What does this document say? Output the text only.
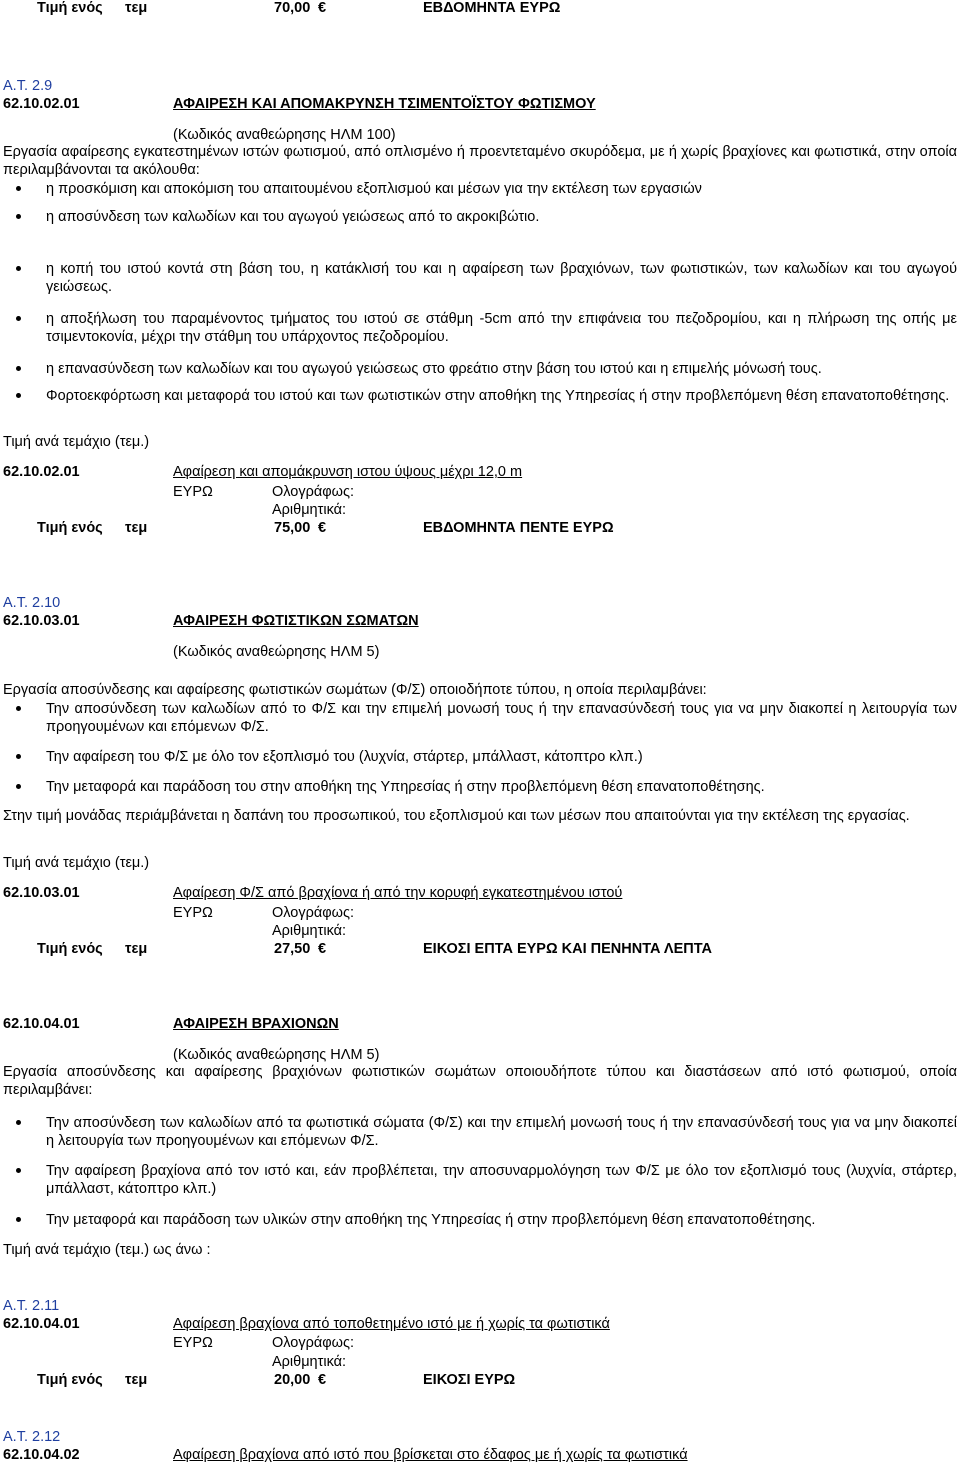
Τιμή ενός τεμ	70,00 €	ΕΒΔΟΜΗΝΤΑ ΕΥΡΩ
Α.Τ. 2.9
62.10.02.01	ΑΦΑΙΡΕΣΗ ΚΑΙ ΑΠΟΜΑΚΡΥΝΣΗ ΤΣΙΜΕΝΤΟΪΣΤΟΥ ΦΩΤΙΣΜΟΥ
(Κωδικός αναθεώρησης ΗΛΜ 100)
Εργασία αφαίρεσης εγκατεστημένων ιστών φωτισμού, από οπλισμένο ή προεντεταμένο σκυρόδεμα, με ή χωρίς βραχίονες και φωτιστικά, στην οποία περιλαμβάνονται τα ακόλουθα:
η προσκόμιση και αποκόμιση του απαιτουμένου εξοπλισμού και μέσων για την εκτέλεση των εργασιών
η αποσύνδεση των καλωδίων και του αγωγού γειώσεως από το ακροκιβώτιο.
η κοπή του ιστού κοντά στη βάση του, η κατάκλισή του και η αφαίρεση των βραχιόνων, των φωτιστικών, των καλωδίων και του αγωγού γειώσεως.
η αποξήλωση του παραμένοντος τμήματος του ιστού σε στάθμη -5cm από την επιφάνεια του πεζοδρομίου, και η πλήρωση της οπής με τσιμεντοκονία, μέχρι την στάθμη του υπάρχοντος πεζοδρομίου.
η επανασύνδεση των καλωδίων και του αγωγού γειώσεως στο φρεάτιο στην βάση του ιστού και η επιμελής μόνωσή τους.
Φορτοεκφόρτωση και μεταφορά του ιστού και των φωτιστικών στην αποθήκη της Υπηρεσίας ή στην προβλεπόμενη θέση επανατοποθέτησης.
Τιμή ανά τεμάχιο (τεμ.)
62.10.02.01	Αφαίρεση και απομάκρυνση ιστου ύψους μέχρι 12,0 m
ΕΥΡΩ	Ολογράφως:
Αριθμητικά:
Τιμή ενός τεμ	75,00 €	ΕΒΔΟΜΗΝΤΑ ΠΕΝΤΕ ΕΥΡΩ
Α.Τ. 2.10
62.10.03.01	ΑΦΑΙΡΕΣΗ ΦΩΤΙΣΤΙΚΩΝ ΣΩΜΑΤΩΝ
(Κωδικός αναθεώρησης ΗΛΜ 5)
Εργασία αποσύνδεσης και αφαίρεσης φωτιστικών σωμάτων (Φ/Σ) οποιοδήποτε τύπου, η οποία περιλαμβάνει:
Την αποσύνδεση των καλωδίων από το Φ/Σ και την επιμελή μονωσή τους ή την επανασύνδεσή τους για να μην διακοπεί η λειτουργία των προηγουμένων και επόμενων Φ/Σ.
Την αφαίρεση του Φ/Σ με όλο τον εξοπλισμό του (λυχνία, στάρτερ, μπάλλαστ, κάτοπτρο κλπ.)
Την μεταφορά και παράδοση του στην αποθήκη της Υπηρεσίας ή στην προβλεπόμενη θέση επανατοποθέτησης.
Στην τιμή μονάδας περιάμβάνεται η δαπάνη του προσωπικού, του εξοπλισμού και των μέσων που απαιτούνται για την εκτέλεση της εργασίας.
Τιμή ανά τεμάχιο (τεμ.)
62.10.03.01	Αφαίρεση Φ/Σ από βραχίονα ή από την κορυφή εγκατεστημένου ιστού
ΕΥΡΩ	Ολογράφως:
Αριθμητικά:
Τιμή ενός τεμ	27,50 €	ΕΙΚΟΣΙ ΕΠΤΑ ΕΥΡΩ ΚΑΙ ΠΕΝΗΝΤΑ ΛΕΠΤΑ
62.10.04.01	ΑΦΑΙΡΕΣΗ ΒΡΑΧΙΟΝΩΝ
(Κωδικός αναθεώρησης ΗΛΜ 5)
Εργασία αποσύνδεσης και αφαίρεσης βραχιόνων φωτιστικών σωμάτων οποιουδήποτε τύπου και διαστάσεων από ιστό φωτισμού, οποία περιλαμβάνει:
Την αποσύνδεση των καλωδίων από τα φωτιστικά σώματα (Φ/Σ) και την επιμελή μονωσή τους ή την επανασύνδεσή τους για να μην διακοπεί η λειτουργία των προηγουμένων και επόμενων Φ/Σ.
Την αφαίρεση βραχίονα από τον ιστό και, εάν προβλέπεται, την αποσυναρμολόγηση των Φ/Σ με όλο τον εξοπλισμό τους (λυχνία, στάρτερ, μπάλλαστ, κάτοπτρο κλπ.)
Την μεταφορά και παράδοση των υλικών στην αποθήκη της Υπηρεσίας ή στην προβλεπόμενη θέση επανατοποθέτησης.
Τιμή ανά τεμάχιο (τεμ.) ως άνω :
Α.Τ. 2.11
62.10.04.01	Αφαίρεση βραχίονα από τοποθετημένο ιστό με ή χωρίς τα φωτιστικά
ΕΥΡΩ	Ολογράφως:
Αριθμητικά:
Τιμή ενός τεμ	20,00 €	ΕΙΚΟΣΙ ΕΥΡΩ
Α.Τ. 2.12
62.10.04.02	Αφαίρεση βραχίονα από ιστό που βρίσκεται στο έδαφος με ή χωρίς τα φωτιστικά
